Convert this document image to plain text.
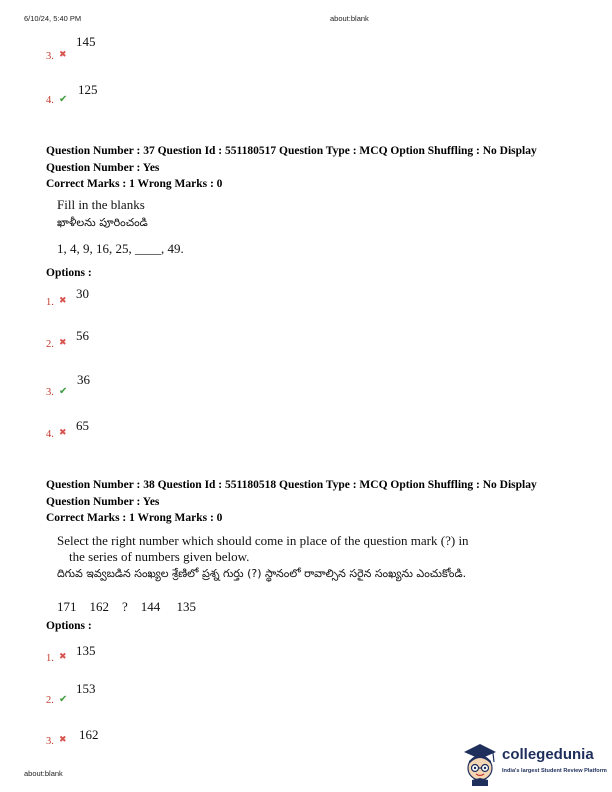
6/10/24, 5:40 PM	about:blank
3. ✖
145
4. ✔
125
Question Number : 37 Question Id : 551180517 Question Type : MCQ Option Shuffling : No Display
Question Number : Yes
Correct Marks : 1 Wrong Marks : 0
Fill in the blanks
ఖాళీలను పూరించండి
1, 4, 9, 16, 25, ____, 49.
Options :
1. ✖ 30
2. ✖ 56
3. ✔
36
4. ✖ 65
Question Number : 38 Question Id : 551180518 Question Type : MCQ Option Shuffling : No Display
Question Number : Yes
Correct Marks : 1 Wrong Marks : 0
Select the right number which should come in place of the question mark (?) in
the series of numbers given below.
దిగువ ఇవ్వబడిన సంఖ్యల శ్రేణిలో ప్రశ్న గుర్తు (?) స్థానంలో రావాల్సిన సరైన సంఖ్యను ఎంచుకోండి.
171    162    ?    144     135
Options :
1. ✖ 135
2. ✔
153
3. ✖ 162
about:blank
collegedunia
India's largest Student Review Platform
